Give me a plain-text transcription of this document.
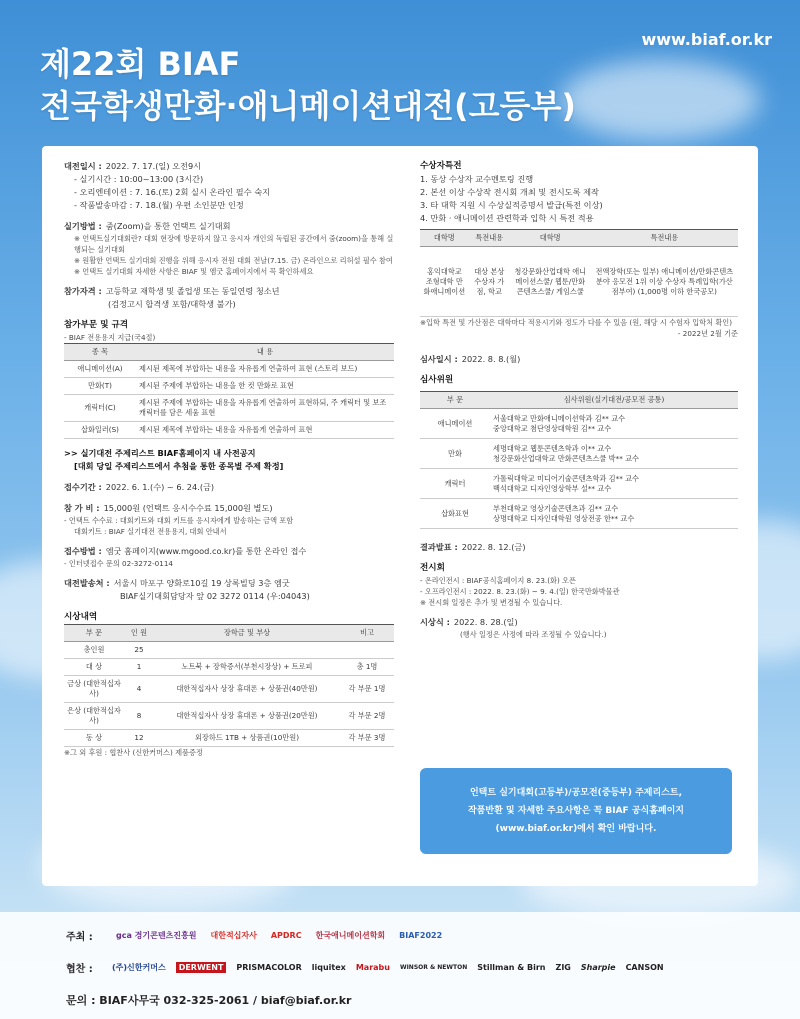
www.biaf.or.kr
제22회 BIAF
전국학생만화·애니메이션대전(고등부)
대전일시 : 2022. 7. 17.(일) 오전9시
- 실기시간 : 10:00~13:00 (3시간)
- 오리엔테이션 : 7. 16.(토) 2회 실시 온라인 필수 숙지
- 작품발송마감 : 7. 18.(월) 우편 소인분만 인정
실기방법 : 줌(Zoom)을 통한 언택트 실기대회
※ 언택트실기대회란? 대회 현장에 방문하지 않고 응시자 개인의 독립된 공간에서 줌(zoom)을 통해 실행되는 실기대회
※ 원활한 언택트 실기대회 진행을 위해 응시자 전원 대회 전날(7.15. 금) 온라인으로 리허설 필수 참여
※ 언택트 실기대회 자세한 사항은 BIAF 및 엠굿 홈페이지에서 꼭 확인하세요
참가자격 : 고등학교 재학생 및 졸업생 또는 동일연령 청소년
(검정고시 합격생 포함/대학생 불가)
참가부문 및 규격
- BIAF 전용용지 지급(국4절)
종 목	내 용
애니메이션(A)	제시된 제목에 부합하는 내용을 자유롭게 연출하여 표현 (스토리 보드)
만화(T)	제시된 주제에 부합하는 내용을 한 컷 만화로 표현
캐릭터(C)	제시된 주제에 부합하는 내용을 자유롭게 연출하여 표현하되, 주 캐릭터 및 보조캐릭터를 담은 세움 표현
삽화일러(S)	제시된 제목에 부합하는 내용을 자유롭게 연출하여 표현
>> 실기대전 주제리스트 BIAF홈페이지 내 사전공지
[대회 당일 주제리스트에서 추첨을 통한 종목별 주제 확정]
접수기간 : 2022. 6. 1.(수) ~ 6. 24.(금)
참 가 비 : 15,000원 (언택트 응시수수료 15,000원 별도)
- 언택트 수수료 : 대회키트와 대회 키트를 응시자에게 발송하는 금액 포함
대회키트 : BIAF 실기대전 전용용지, 대회 안내서
접수방법 : 엠굿 홈페이지(www.mgood.co.kr)를 통한 온라인 접수
- 인터넷접수 문의 02-3272-0114
대전발송처 : 서울시 마포구 양화로10길 19 상록빌딩 3층 엠굿
BIAF실기대회담당자 앞 02 3272 0114 (우:04043)
시상내역
부 문	인 원	장학금 및 부상	비고
총인원	25		
대 상	1	노트북 + 장학증서(부천시장상) + 트로피	총 1명
금상 (대한적십자사)	4	대한적십자사 상장 휴대폰 + 상품권(40만원)	각 부문 1명
은상 (대한적십자사)	8	대한적십자사 상장 휴대폰 + 상품권(20만원)	각 부문 2명
동 상	12	외장하드 1TB + 상품권(10만원)	각 부문 3명
※그 외 후원 : 협찬사 (신한커머스) 제품증정
수상자특전
1. 동상 수상자 교수멘토링 진행
2. 본선 이상 수상작 전시회 개최 및 전시도록 제작
3. 타 대학 지원 시 수상실적증명서 발급(특전 이상)
4. 만화 · 애니메이션 관련학과 입학 시 특전 적용
대학명	특전내용	대학명	특전내용
홍익대학교 조형대학 만화애니메이션	대상 본상 수상자 가점, 학교	청강문화산업대학 애니메이션스쿨/ 웹툰/만화콘텐츠스쿨/ 게임스쿨	전액장학(또는 일부) 애니메이션/만화콘텐츠 분야 응모전 1위 이상 수상자 특례입학(가산점부여) (1,000명 이하 한국공모)
※입학 특전 및 가산점은 대학마다 적용시기와 정도가 다를 수 있음 (원, 해당 시 수험자 입학처 확인)
- 2022년 2월 기준
심사일시 : 2022. 8. 8.(월)
심사위원
부 문	심사위원(실기대전/공모전 공통)
애니메이션	서울대학교 만화애니메이션학과 김** 교수
중앙대학교 첨단영상대학원 김** 교수

만화	세명대학교 웹툰콘텐츠학과 이** 교수
청강문화산업대학교 만화콘텐츠스쿨 박** 교수

캐릭터	가톨릭대학교 미디어기술콘텐츠학과 김** 교수
백석대학교 디자인영상학부 설** 교수

삽화표현	부천대학교 영상기술콘텐츠과 김** 교수
상명대학교 디자인대학원 영상전공 한** 교수
결과발표 : 2022. 8. 12.(금)
전시회
- 온라인전시 : BIAF공식홈페이지 8. 23.(화) 오픈
- 오프라인전시 : 2022. 8. 23.(화) ~ 9. 4.(일) 한국만화박물관
※ 전시회 일정은 추가 및 변경될 수 있습니다.
시상식 : 2022. 8. 28.(일)
(행사 일정은 사정에 따라 조정될 수 있습니다.)
언택트 실기대회(고등부)/공모전(중등부) 주제리스트,
작품반환 및 자세한 주요사항은 꼭 BIAF 공식홈페이지
(www.biaf.or.kr)에서 확인 바랍니다.
주최 :	gca 경기콘텐츠진흥원 대한적십자사 APDRC 한국애니메이션학회 BIAF2022
협찬 :	(주)신한커머스	DERWENT	PRISMACOLOR liquitex Marabu WINSOR & NEWTON Stillman & Birn ZIG Sharpie CANSON
문의 : BIAF사무국 032-325-2061 / biaf@biaf.or.kr
